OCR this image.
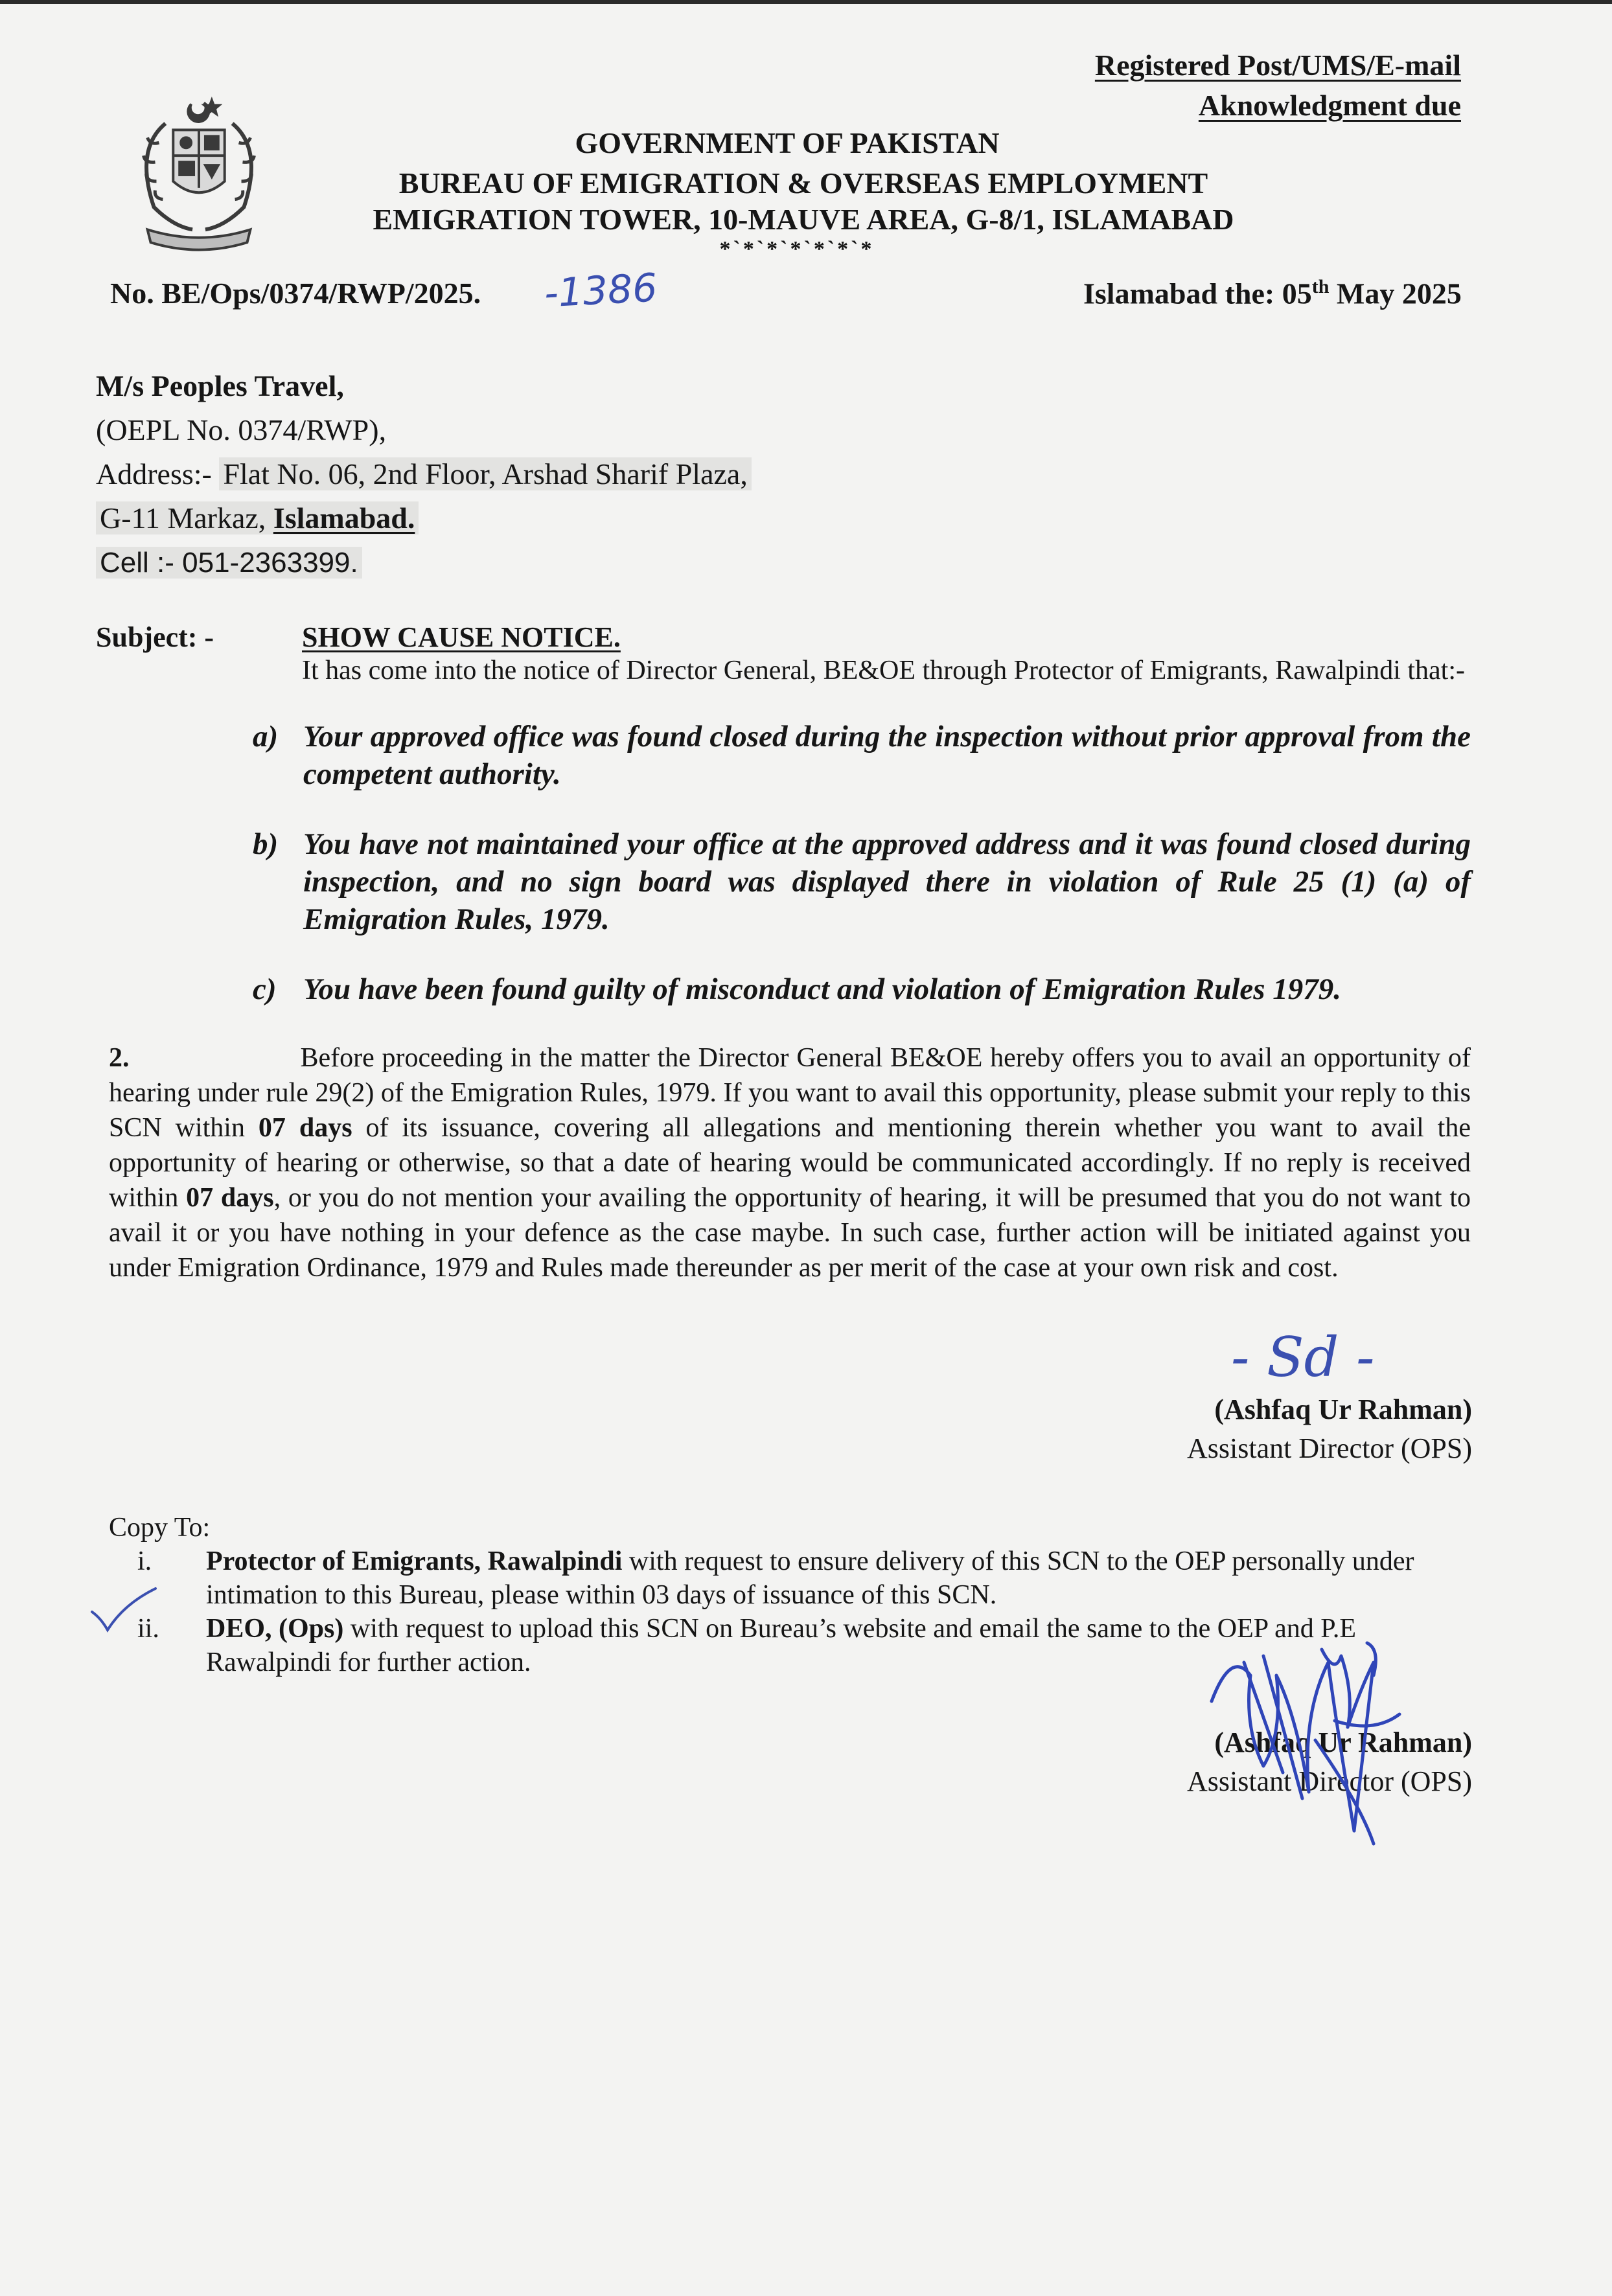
Registered Post/UMS/E-mail
Aknowledgment due
GOVERNMENT OF PAKISTAN
BUREAU OF EMIGRATION & OVERSEAS EMPLOYMENT
EMIGRATION TOWER, 10-MAUVE AREA, G-8/1, ISLAMABAD
*`*`*`*`*`*`*
No. BE/Ops/0374/RWP/2025. -1386	Islamabad the: 05th May 2025
M/s Peoples Travel,
(OEPL No. 0374/RWP),
Address:- Flat No. 06, 2nd Floor, Arshad Sharif Plaza,
G-11 Markaz, Islamabad.
Cell :- 051-2363399.
Subject: -	SHOW CAUSE NOTICE.
It has come into the notice of Director General, BE&OE through Protector of Emigrants, Rawalpindi that:-
a) Your approved office was found closed during the inspection without prior approval from the competent authority.
b) You have not maintained your office at the approved address and it was found closed during inspection, and no sign board was displayed there in violation of Rule 25 (1) (a) of Emigration Rules, 1979.
c) You have been found guilty of misconduct and violation of Emigration Rules 1979.
2.	Before proceeding in the matter the Director General BE&OE hereby offers you to avail an opportunity of hearing under rule 29(2) of the Emigration Rules, 1979. If you want to avail this opportunity, please submit your reply to this SCN within 07 days of its issuance, covering all allegations and mentioning therein whether you want to avail the opportunity of hearing or otherwise, so that a date of hearing would be communicated accordingly. If no reply is received within 07 days, or you do not mention your availing the opportunity of hearing, it will be presumed that you do not want to avail it or you have nothing in your defence as the case maybe. In such case, further action will be initiated against you under Emigration Ordinance, 1979 and Rules made thereunder as per merit of the case at your own risk and cost.
- Sd -
(Ashfaq Ur Rahman)
Assistant Director (OPS)
Copy To:
i. Protector of Emigrants, Rawalpindi with request to ensure delivery of this SCN to the OEP personally under intimation to this Bureau, please within 03 days of issuance of this SCN.
ii. DEO, (Ops) with request to upload this SCN on Bureau’s website and email the same to the OEP and P.E Rawalpindi for further action.
(Ashfaq Ur Rahman)
Assistant Director (OPS)
